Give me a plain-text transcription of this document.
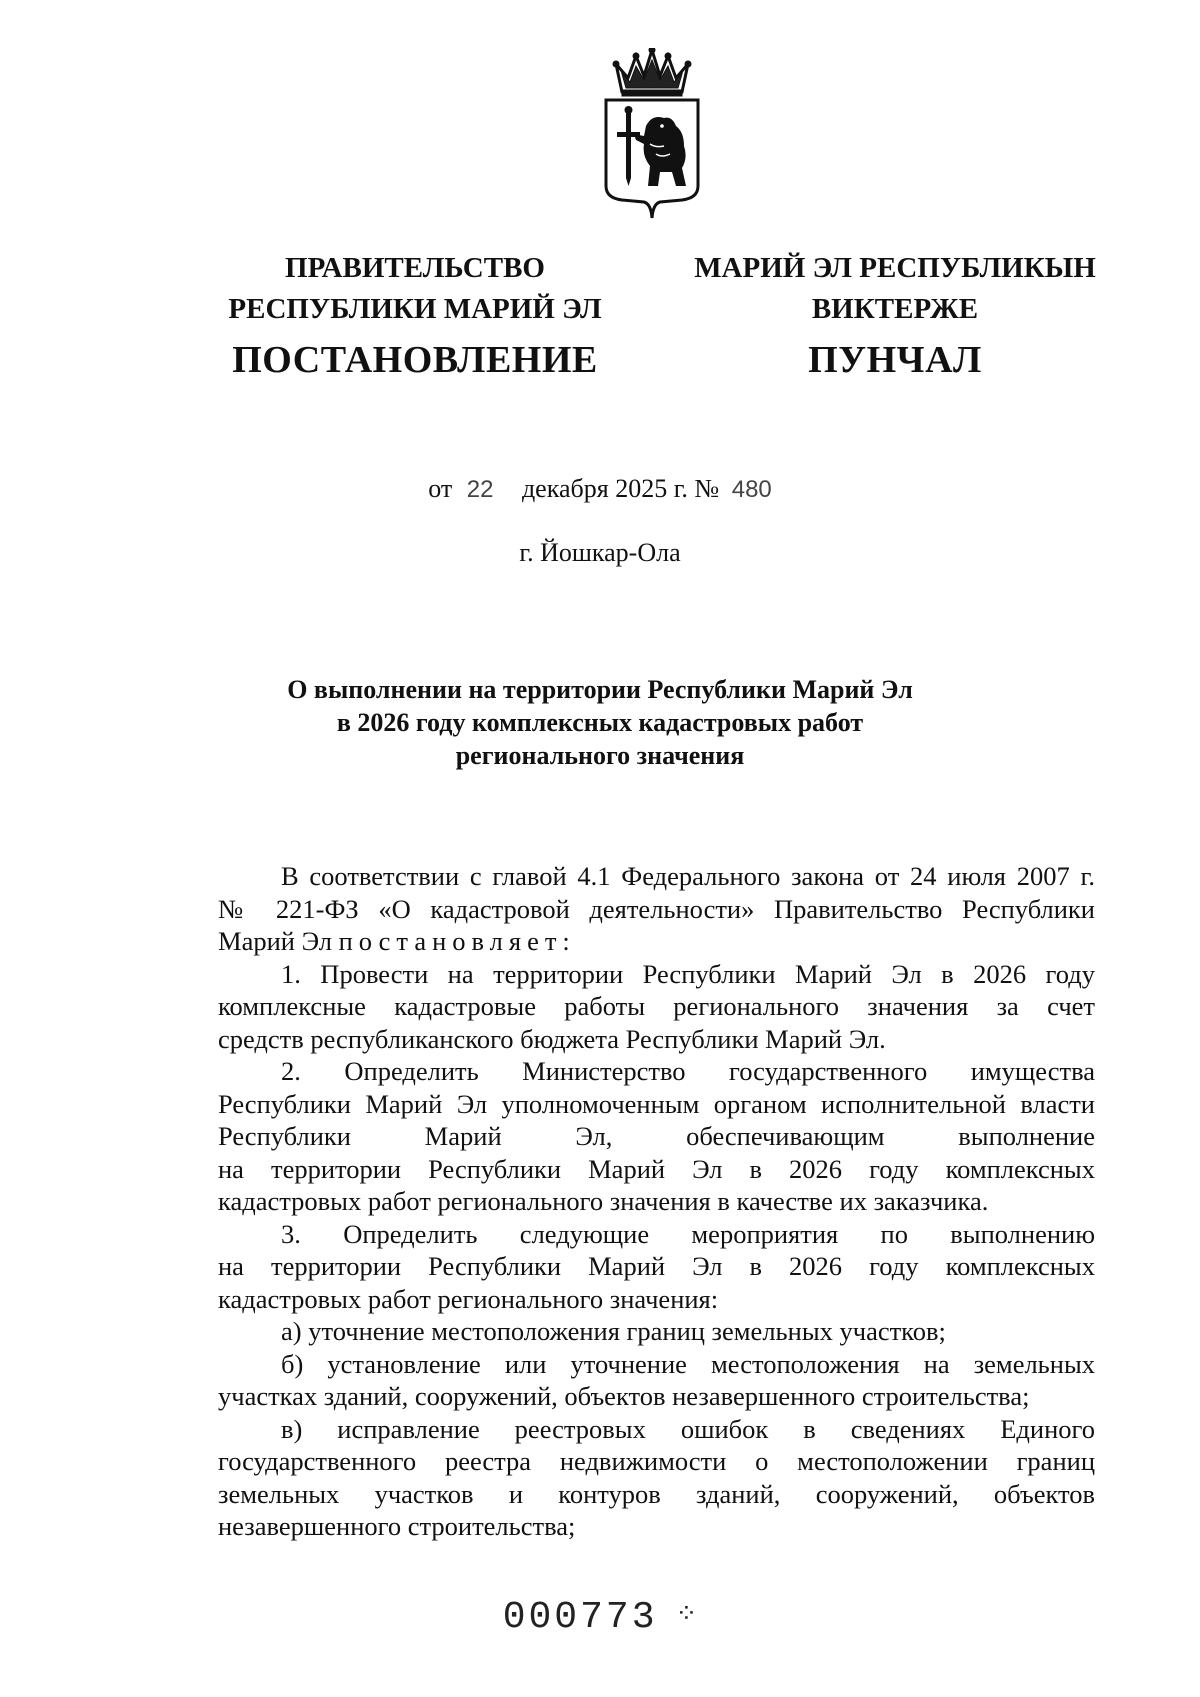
ПРАВИТЕЛЬСТВО
РЕСПУБЛИКИ МАРИЙ ЭЛ
ПОСТАНОВЛЕНИЕ
МАРИЙ ЭЛ РЕСПУБЛИКЫН
ВИКТЕРЖЕ
ПУНЧАЛ
от 22 декабря 2025 г. № 480
г. Йошкар-Ола
О выполнении на территории Республики Марий Эл
в 2026 году комплексных кадастровых работ
регионального значения

В соответствии с главой 4.1 Федерального закона от 24 июля 2007 г.

№ 221-ФЗ «О кадастровой деятельности» Правительство Республики

Марий Эл постановляет:

1. Провести на территории Республики Марий Эл в 2026 году

комплексные кадастровые работы регионального значения за счет

средств республиканского бюджета Республики Марий Эл.

2. Определить Министерство государственного имущества

Республики Марий Эл уполномоченным органом исполнительной власти

Республики Марий Эл, обеспечивающим выполнение

на территории Республики Марий Эл в 2026 году комплексных

кадастровых работ регионального значения в качестве их заказчика.

3. Определить следующие мероприятия по выполнению

на территории Республики Марий Эл в 2026 году комплексных

кадастровых работ регионального значения:

а) уточнение местоположения границ земельных участков;

б) установление или уточнение местоположения на земельных

участках зданий, сооружений, объектов незавершенного строительства;

в) исправление реестровых ошибок в сведениях Единого

государственного реестра недвижимости о местоположении границ

земельных участков и контуров зданий, сооружений, объектов

незавершенного строительства;

000773 ⁘
